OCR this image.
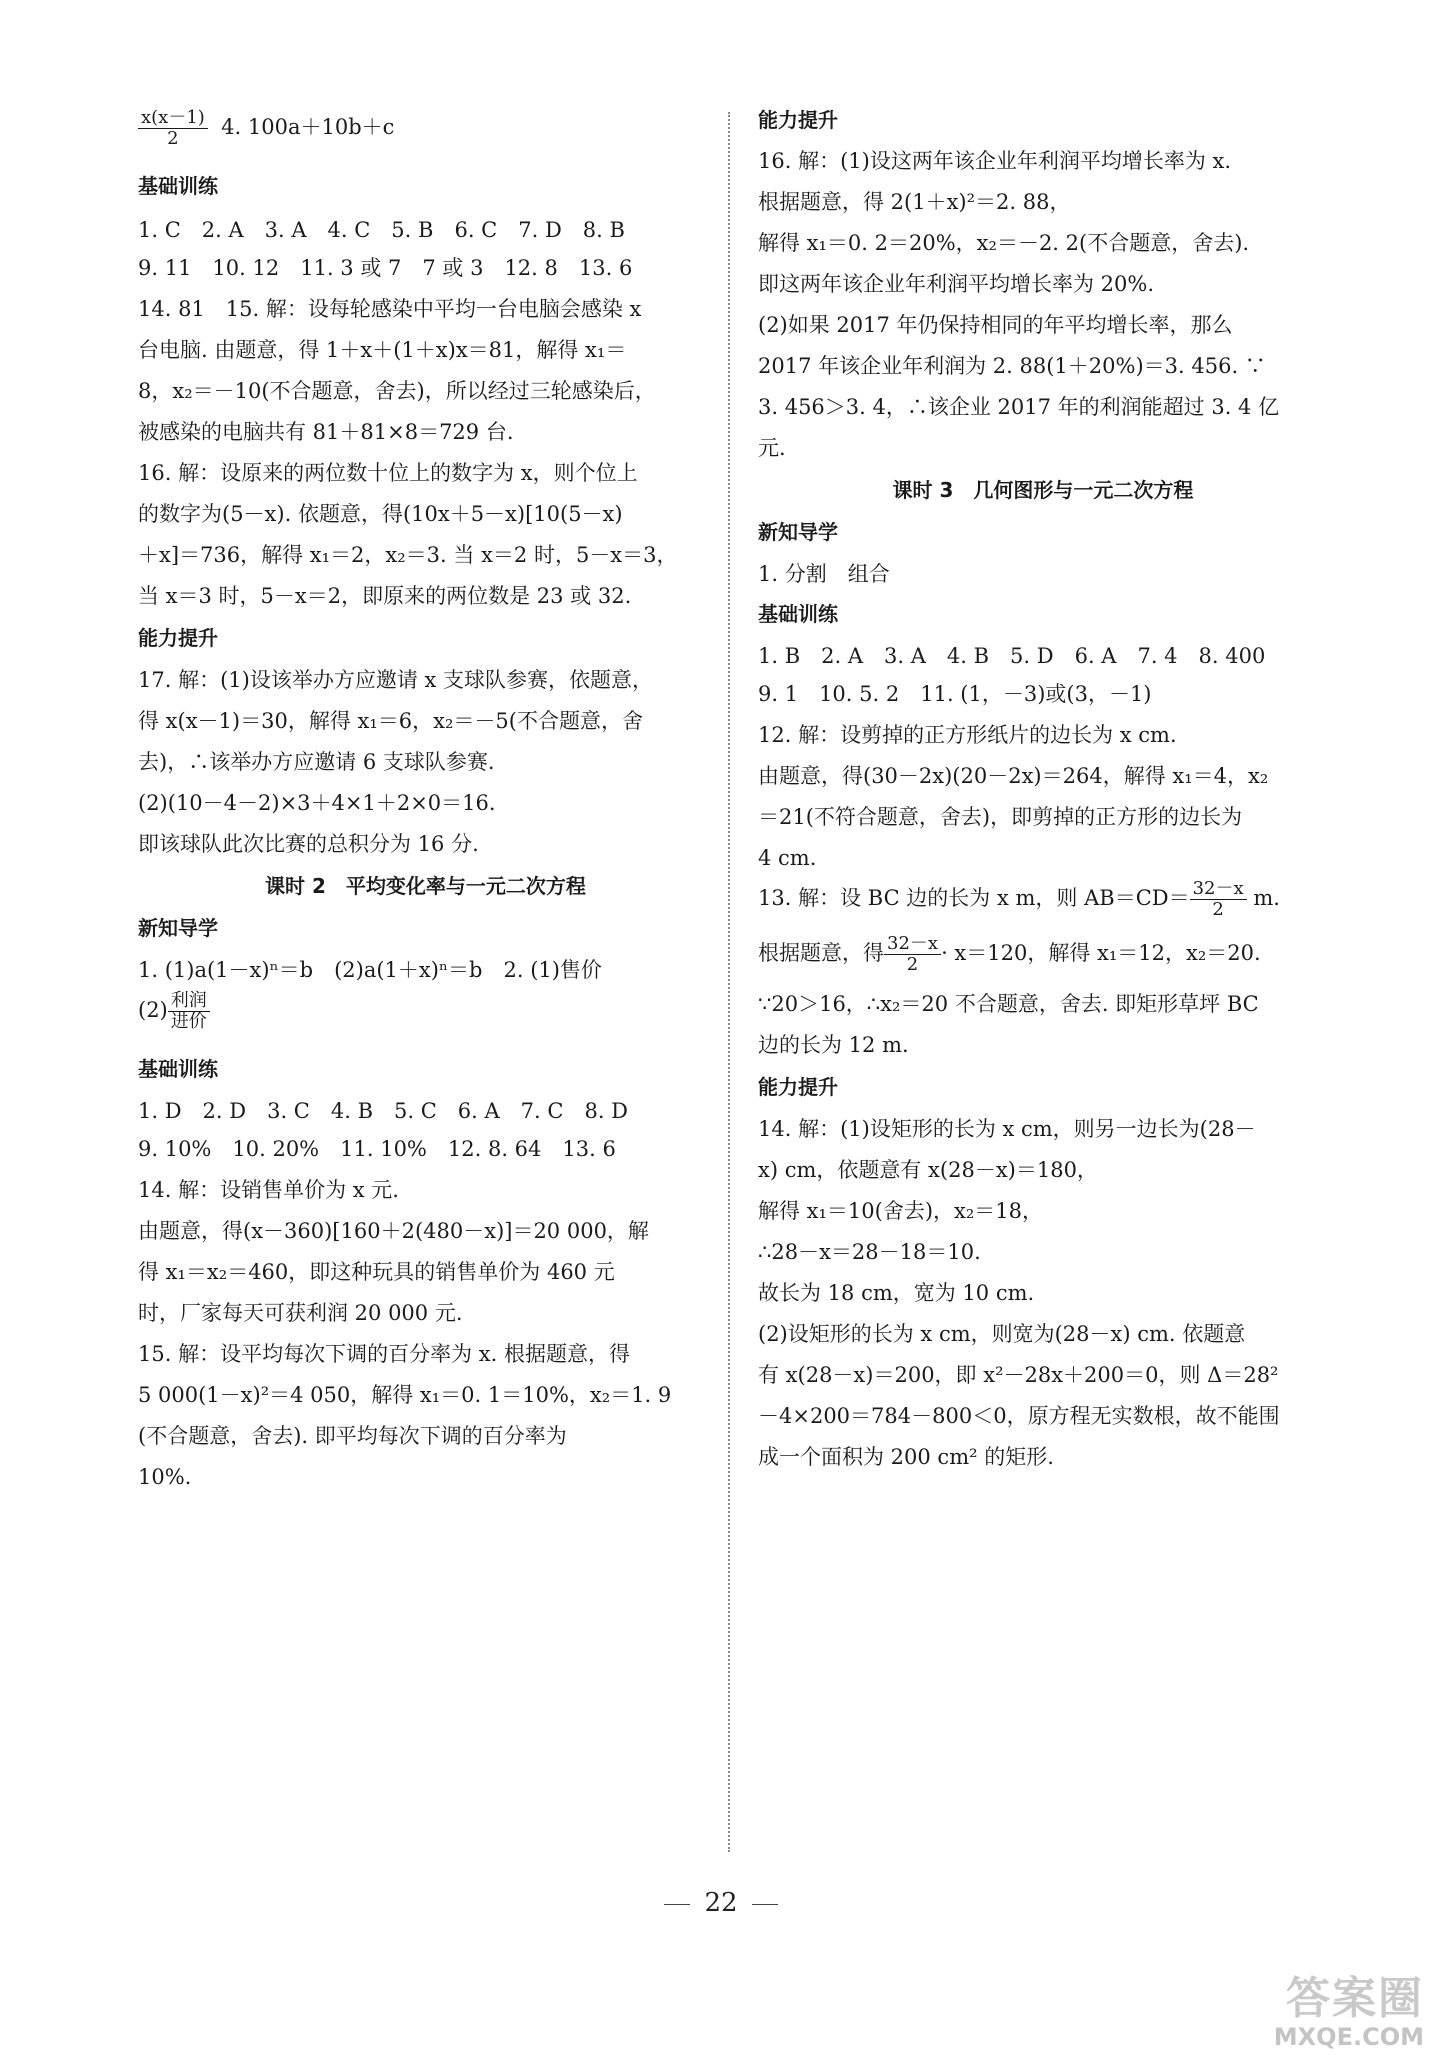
$\frac{x(x-1)}{2} 4$. 100a＋10b＋c

基础训练

1. C　2. A　3. A　4. C　5. B　6. C　7. D　8. B

9. 11　10. 12　11. 3 或 7　7 或 3　12. 8　13. 6

14. 81　15. 解：设每轮感染中平均一台电脑会感染 x

台电脑. 由题意，得 1＋x＋(1＋x)x＝81，解得 x₁＝

8，x₂＝－10(不合题意，舍去)，所以经过三轮感染后，

被感染的电脑共有 81＋81×8＝729 台.

16. 解：设原来的两位数十位上的数字为 x，则个位上

的数字为(5－x). 依题意，得(10x＋5－x)[10(5－x)

＋x]＝736，解得 x₁＝2，x₂＝3. 当 x＝2 时，5－x＝3，

当 x＝3 时，5－x＝2，即原来的两位数是 23 或 32.

能力提升

17. 解：(1)设该举办方应邀请 x 支球队参赛，依题意，

得 x(x－1)＝30，解得 x₁＝6，x₂＝－5(不合题意，舍

去)，∴该举办方应邀请 6 支球队参赛.

(2)(10－4－2)×3＋4×1＋2×0＝16.

即该球队此次比赛的总积分为 16 分.

课时 2　平均变化率与一元二次方程

新知导学

1. (1)a(1－x)ⁿ＝b　(2)a(1＋x)ⁿ＝b　2. (1)售价

$(2) \frac{\text{利润}}{\text{进价}}$

基础训练

1. D　2. D　3. C　4. B　5. C　6. A　7. C　8. D

9. 10%　10. 20%　11. 10%　12. 8. 64　13. 6

14. 解：设销售单价为 x 元.

由题意，得(x－360)[160＋2(480－x)]＝20 000，解

得 x₁＝x₂＝460，即这种玩具的销售单价为 460 元

时，厂家每天可获利润 20 000 元.

15. 解：设平均每次下调的百分率为 x. 根据题意，得

5 000(1－x)²＝4 050，解得 x₁＝0. 1＝10%，x₂＝1. 9

(不合题意，舍去). 即平均每次下调的百分率为

10%.

能力提升

16. 解：(1)设这两年该企业年利润平均增长率为 x.

根据题意，得 2(1＋x)²＝2. 88，

解得 x₁＝0. 2＝20%，x₂＝－2. 2(不合题意，舍去).

即这两年该企业年利润平均增长率为 20%.

(2)如果 2017 年仍保持相同的年平均增长率，那么

2017 年该企业年利润为 2. 88(1＋20%)＝3. 456. ∵

3. 456＞3. 4，∴该企业 2017 年的利润能超过 3. 4 亿

元.

课时 3　几何图形与一元二次方程

新知导学

1. 分割　组合

基础训练

1. B　2. A　3. A　4. B　5. D　6. A　7. 4　8. 400

9. 1　10. 5. 2　11. (1，－3)或(3，－1)

12. 解：设剪掉的正方形纸片的边长为 x cm.

由题意，得(30－2x)(20－2x)＝264，解得 x₁＝4，x₂

＝21(不符合题意，舍去)，即剪掉的正方形的边长为

4 cm.

13. 解：设 BC 边的长为 x m，则 $AB=CD= \frac{32-x}{2} m$.
根据题意，得 $\frac{32-x}{2} \cdot x=120$，解得 x₁＝12，x₂＝20.

∵20＞16，∴x₂＝20 不合题意，舍去. 即矩形草坪 BC

边的长为 12 m.

能力提升

14. 解：(1)设矩形的长为 x cm，则另一边长为(28－

x) cm，依题意有 x(28－x)＝180，

解得 x₁＝10(舍去)，x₂＝18，

∴28－x＝28－18＝10.

故长为 18 cm，宽为 10 cm.

(2)设矩形的长为 x cm，则宽为(28－x) cm. 依题意

有 x(28－x)＝200，即 x²－28x＋200＝0，则 Δ＝28²

－4×200＝784－800＜0，原方程无实数根，故不能围

成一个面积为 200 cm² 的矩形.

22
答案圈
MXQE.COM
